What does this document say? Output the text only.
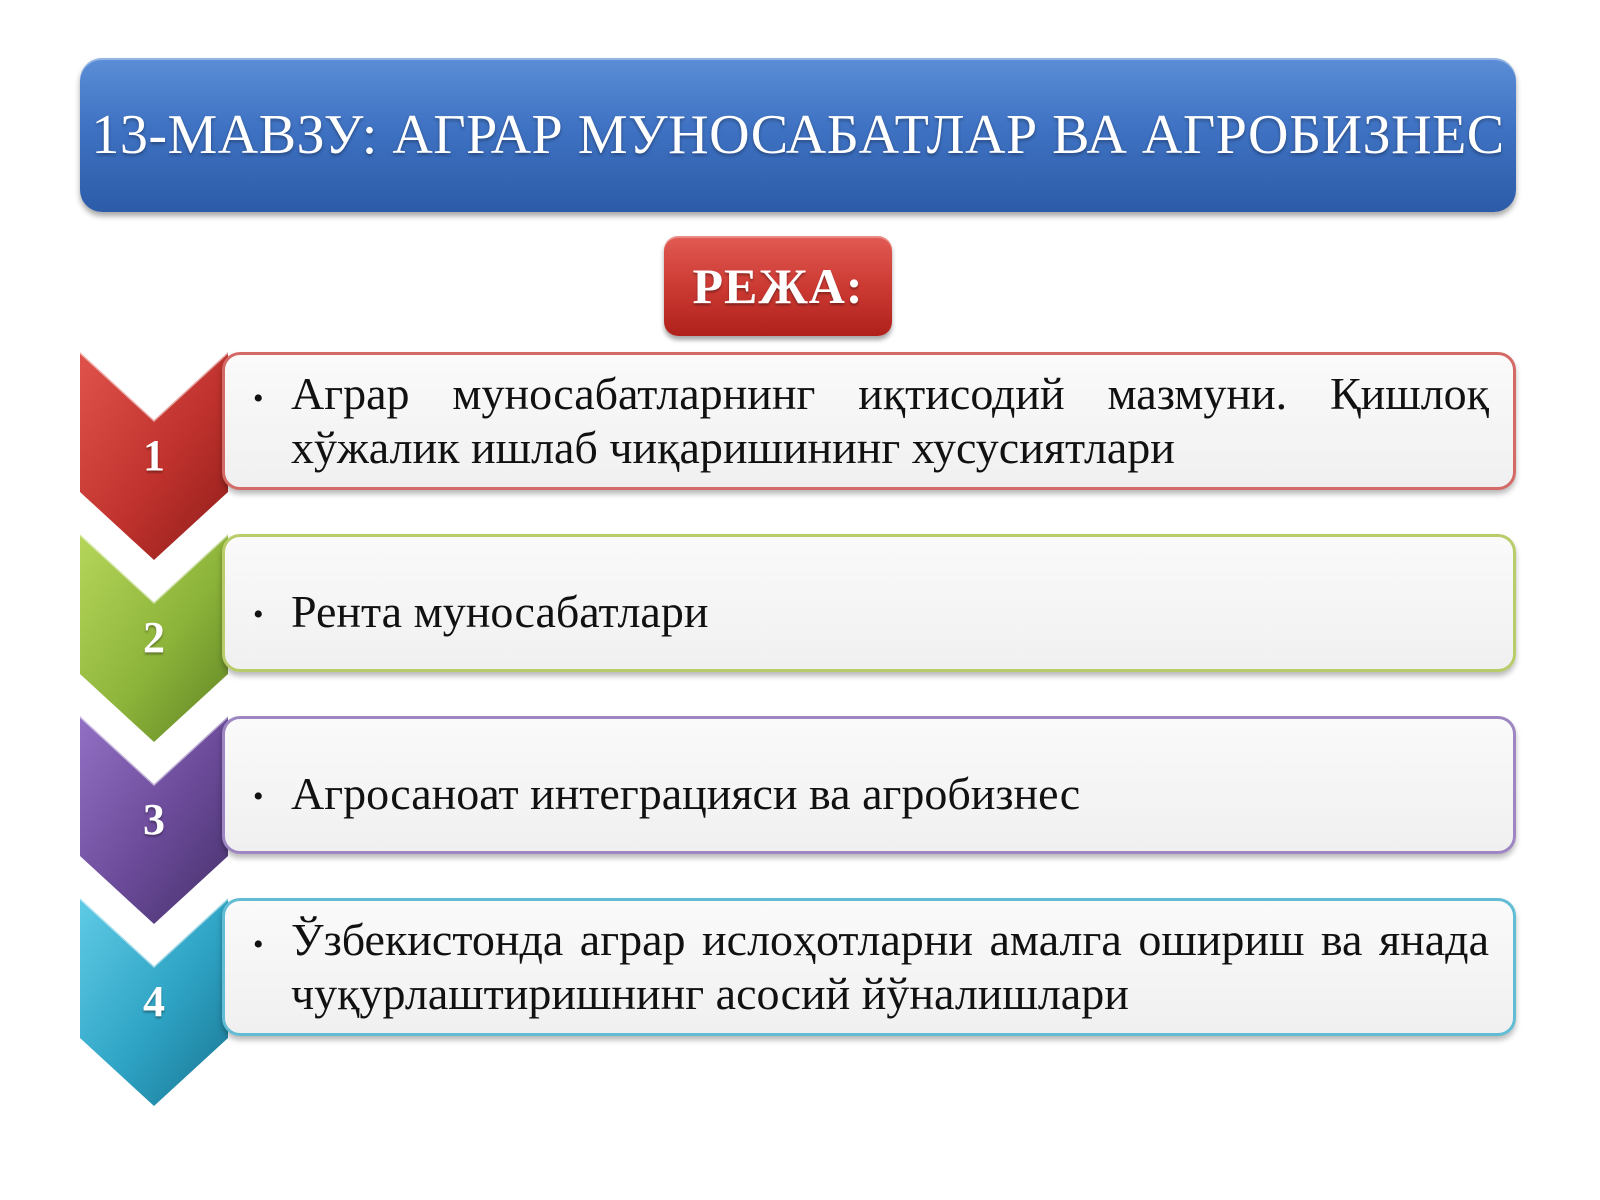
13-МАВЗУ: АГРАР МУНОСАБАТЛАР ВА АГРОБИЗНЕС
РЕЖА:
1
• Аграр муносабатларнинг иқтисодий мазмуни. Қишлоқ хўжалик ишлаб чиқаришининг хусусиятлари
2	• Рента муносабатлари
3	• Агросаноат интеграцияси ва агробизнес
4
• Ўзбекистонда аграр ислоҳотларни амалга ошириш ва янада чуқурлаштиришнинг асосий йўналишлари
